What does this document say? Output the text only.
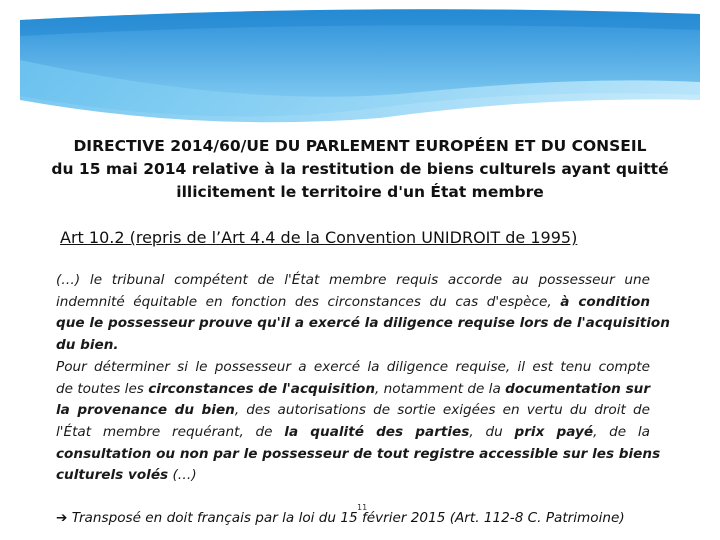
DIRECTIVE 2014/60/UE DU PARLEMENT EUROPÉEN ET DU CONSEIL
du 15 mai 2014 relative à la restitution de biens culturels ayant quitté
illicitement le territoire d'un État membre
Art 10.2 (repris de l’Art 4.4 de la Convention UNIDROIT de 1995)
(…) le tribunal compétent de l'État membre requis accorde au possesseur une
indemnité équitable en fonction des circonstances du cas d'espèce, à condition
que le possesseur prouve qu'il a exercé la diligence requise lors de l'acquisition
du bien.
Pour déterminer si le possesseur a exercé la diligence requise, il est tenu compte
de toutes les circonstances de l'acquisition, notamment de la documentation sur
la provenance du bien, des autorisations de sortie exigées en vertu du droit de
l'État membre requérant, de la qualité des parties, du prix payé, de la
consultation ou non par le possesseur de tout registre accessible sur les biens
culturels volés (…)
11
➔ Transposé en doit français par la loi du 15 février 2015 (Art. 112-8 C. Patrimoine)
